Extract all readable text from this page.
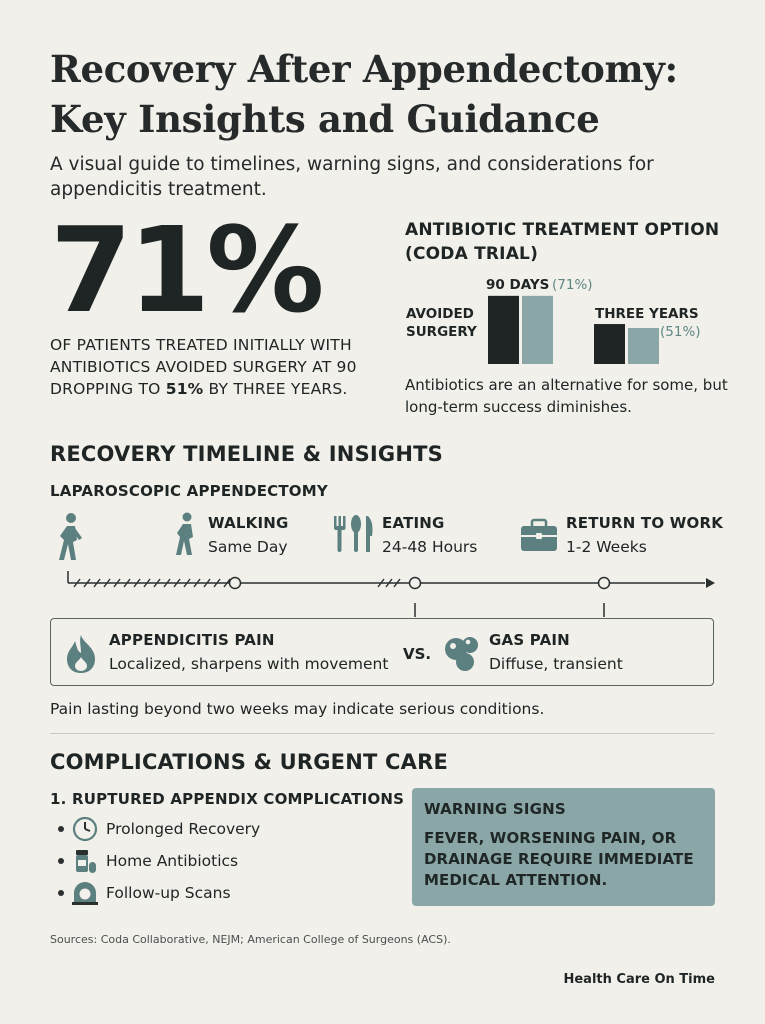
Recovery After Appendectomy:
Key Insights and Guidance
A visual guide to timelines, warning signs, and considerations for appendicitis treatment.
71%
OF PATIENTS TREATED INITIALLY WITH ANTIBIOTICS AVOIDED SURGERY AT 90 DROPPING TO 51% BY THREE YEARS.
ANTIBIOTIC TREATMENT OPTION (CODA TRIAL)
AVOIDED
SURGERY
90 DAYS (71%)
THREE YEARS
(51%)
Antibiotics are an alternative for some, but long-term success diminishes.
RECOVERY TIMELINE & INSIGHTS
LAPAROSCOPIC APPENDECTOMY
WALKING
Same Day
EATING
24-48 Hours
RETURN TO WORK
1-2 Weeks
APPENDICITIS PAIN
Localized, sharpens with movement
VS.
GAS PAIN
Diffuse, transient
Pain lasting beyond two weeks may indicate serious conditions.
COMPLICATIONS & URGENT CARE
1. RUPTURED APPENDIX COMPLICATIONS
Prolonged Recovery
Home Antibiotics
Follow-up Scans
WARNING SIGNS
FEVER, WORSENING PAIN, OR DRAINAGE REQUIRE IMMEDIATE MEDICAL ATTENTION.
Sources: Coda Collaborative, NEJM; American College of Surgeons (ACS).
Health Care On Time
